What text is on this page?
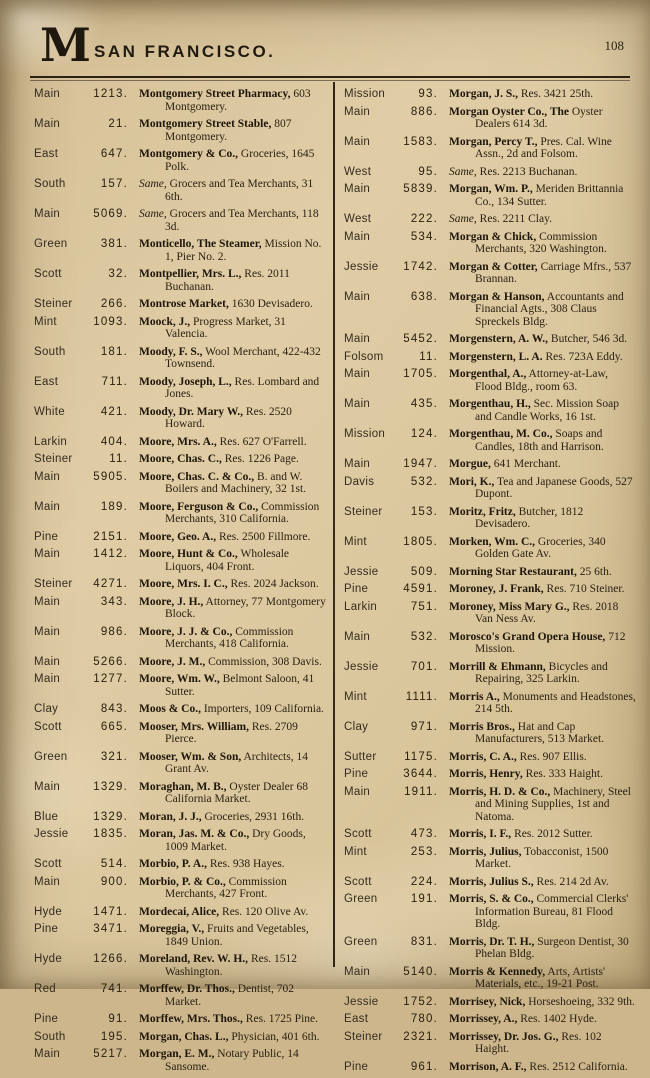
M SAN FRANCISCO.	108
Main	1213. Montgomery Street Pharmacy, 603 Montgomery.
Main	21. Montgomery Street Stable, 807 Montgomery.
East	647. Montgomery & Co., Groceries, 1645 Polk.
South	157. Same, Grocers and Tea Merchants, 31 6th.
Main	5069. Same, Grocers and Tea Merchants, 118 3d.
Green	381. Monticello, The Steamer, Mission No. 1, Pier No. 2.
Scott	32. Montpellier, Mrs. L., Res. 2011 Buchanan.
Steiner	266. Montrose Market, 1630 Devisadero.
Mint	1093. Moock, J., Progress Market, 31 Valencia.
South	181. Moody, F. S., Wool Merchant, 422-432 Townsend.
East	711. Moody, Joseph, L., Res. Lombard and Jones.
White	421. Moody, Dr. Mary W., Res. 2520 Howard.
Larkin	404. Moore, Mrs. A., Res. 627 O'Farrell.
Steiner	11. Moore, Chas. C., Res. 1226 Page.
Main	5905. Moore, Chas. C. & Co., B. and W. Boilers and Machinery, 32 1st.
Main	189. Moore, Ferguson & Co., Commission Merchants, 310 California.
Pine	2151. Moore, Geo. A., Res. 2500 Fillmore.
Main	1412. Moore, Hunt & Co., Wholesale Liquors, 404 Front.
Steiner	4271. Moore, Mrs. I. C., Res. 2024 Jackson.
Main	343. Moore, J. H., Attorney, 77 Montgomery Block.
Main	986. Moore, J. J. & Co., Commission Merchants, 418 California.
Main	5266. Moore, J. M., Commission, 308 Davis.
Main	1277. Moore, Wm. W., Belmont Saloon, 41 Sutter.
Clay	843. Moos & Co., Importers, 109 California.
Scott	665. Mooser, Mrs. William, Res. 2709 Pierce.
Green	321. Mooser, Wm. & Son, Architects, 14 Grant Av.
Main	1329. Moraghan, M. B., Oyster Dealer 68 California Market.
Blue	1329. Moran, J. J., Groceries, 2931 16th.
Jessie	1835. Moran, Jas. M. & Co., Dry Goods, 1009 Market.
Scott	514. Morbio, P. A., Res. 938 Hayes.
Main	900. Morbio, P. & Co., Commission Merchants, 427 Front.
Hyde	1471. Mordecai, Alice, Res. 120 Olive Av.
Pine	3471. Moreggia, V., Fruits and Vegetables, 1849 Union.
Hyde	1266. Moreland, Rev. W. H., Res. 1512 Washington.
Red	741. Morffew, Dr. Thos., Dentist, 702 Market.
Pine	91. Morffew, Mrs. Thos., Res. 1725 Pine.
South	195. Morgan, Chas. L., Physician, 401 6th.
Main	5217. Morgan, E. M., Notary Public, 14 Sansome.
Mission	93. Morgan, J. S., Res. 3421 25th.
Main	886. Morgan Oyster Co., The Oyster Dealers 614 3d.
Main	1583. Morgan, Percy T., Pres. Cal. Wine Assn., 2d and Folsom.
West	95. Same, Res. 2213 Buchanan.
Main	5839. Morgan, Wm. P., Meriden Brittannia Co., 134 Sutter.
West	222. Same, Res. 2211 Clay.
Main	534. Morgan & Chick, Commission Merchants, 320 Washington.
Jessie	1742. Morgan & Cotter, Carriage Mfrs., 537 Brannan.
Main	638. Morgan & Hanson, Accountants and Financial Agts., 308 Claus Spreckels Bldg.
Main	5452. Morgenstern, A. W., Butcher, 546 3d.
Folsom	11. Morgenstern, L. A. Res. 723A Eddy.
Main	1705. Morgenthal, A., Attorney-at-Law, Flood Bldg., room 63.
Main	435. Morgenthau, H., Sec. Mission Soap and Candle Works, 16 1st.
Mission	124. Morgenthau, M. Co., Soaps and Candles, 18th and Harrison.
Main	1947. Morgue, 641 Merchant.
Davis	532. Mori, K., Tea and Japanese Goods, 527 Dupont.
Steiner	153. Moritz, Fritz, Butcher, 1812 Devisadero.
Mint	1805. Morken, Wm. C., Groceries, 340 Golden Gate Av.
Jessie	509. Morning Star Restaurant, 25 6th.
Pine	4591. Moroney, J. Frank, Res. 710 Steiner.
Larkin	751. Moroney, Miss Mary G., Res. 2018 Van Ness Av.
Main	532. Morosco's Grand Opera House, 712 Mission.
Jessie	701. Morrill & Ehmann, Bicycles and Repairing, 325 Larkin.
Mint	1111. Morris A., Monuments and Headstones, 214 5th.
Clay	971. Morris Bros., Hat and Cap Manufacturers, 513 Market.
Sutter	1175. Morris, C. A., Res. 907 Ellis.
Pine	3644. Morris, Henry, Res. 333 Haight.
Main	1911. Morris, H. D. & Co., Machinery, Steel and Mining Supplies, 1st and Natoma.
Scott	473. Morris, I. F., Res. 2012 Sutter.
Mint	253. Morris, Julius, Tobacconist, 1500 Market.
Scott	224. Morris, Julius S., Res. 214 2d Av.
Green	191. Morris, S. & Co., Commercial Clerks' Information Bureau, 81 Flood Bldg.
Green	831. Morris, Dr. T. H., Surgeon Dentist, 30 Phelan Bldg.
Main	5140. Morris & Kennedy, Arts, Artists' Materials, etc., 19-21 Post.
Jessie	1752. Morrisey, Nick, Horseshoeing, 332 9th.
East	780. Morrissey, A., Res. 1402 Hyde.
Steiner	2321. Morrissey, Dr. Jos. G., Res. 102 Haight.
Pine	961. Morrison, A. F., Res. 2512 California.
